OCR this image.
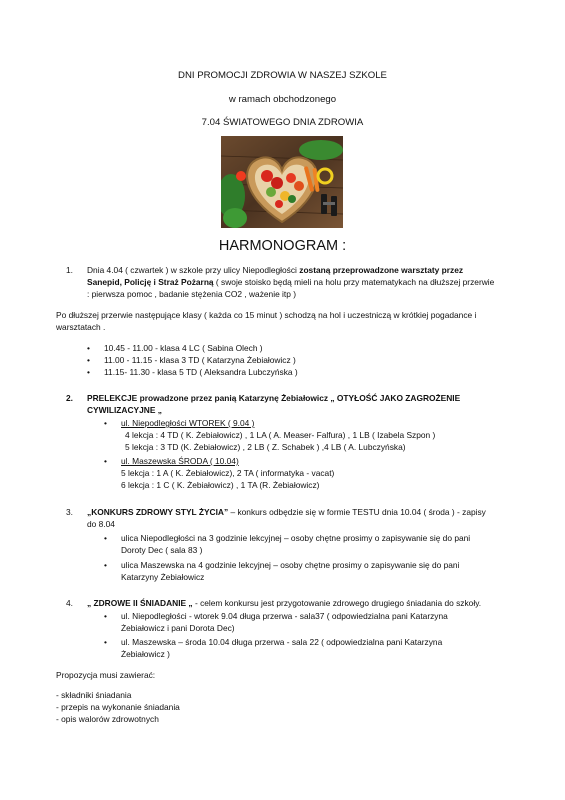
DNI PROMOCJI ZDROWIA W NASZEJ SZKOLE
w ramach obchodzonego
7.04 ŚWIATOWEGO DNIA ZDROWIA
HARMONOGRAM :
1. Dnia 4.04 ( czwartek ) w szkole przy ulicy Niepodległości zostaną przeprowadzone warsztaty przez
Sanepid, Policję i Straż Pożarną ( swoje stoisko będą mieli na holu przy matematykach na dłuższej przerwie
: pierwsza pomoc , badanie stężenia CO2 , ważenie itp )
Po dłuższej przerwie następujące klasy ( każda co 15 minut ) schodzą na hol i uczestniczą w krótkiej pogadance i
warsztatach .
• 10.45 - 11.00 - klasa 4 LC ( Sabina Olech )
• 11.00 - 11.15 - klasa 3 TD ( Katarzyna Żebiałowicz )
• 11.15- 11.30 - klasa 5 TD ( Aleksandra Lubczyńska )
2. PRELEKCJE prowadzone przez panią Katarzynę Żebiałowicz „ OTYŁOŚĆ JAKO ZAGROŻENIE
CYWILIZACYJNE „
• ul. Niepodległości WTOREK ( 9.04 )
4 lekcja : 4 TD ( K. Żebiałowicz) , 1 LA ( A. Measer- Falfura) , 1 LB ( Izabela Szpon )
5 lekcja : 3 TD (K. Żebiałowicz) , 2 LB ( Z. Schabek ) ,4 LB ( A. Lubczyńska)
• ul. Maszewska ŚRODA ( 10.04)
5 lekcja : 1 A ( K. Żebiałowicz), 2 TA ( informatyka - vacat)
6 lekcja : 1 C ( K. Żebiałowicz) , 1 TA (R. Żebiałowicz)
3. „KONKURS ZDROWY STYL ŻYCIA” – konkurs odbędzie się w formie TESTU dnia 10.04 ( środa ) - zapisy
do 8.04
• ulica Niepodległości na 3 godzinie lekcyjnej – osoby chętne prosimy o zapisywanie się do pani
Doroty Dec ( sala 83 )
• ulica Maszewska na 4 godzinie lekcyjnej – osoby chętne prosimy o zapisywanie się do pani
Katarzyny Żebiałowicz
4. „ ZDROWE II ŚNIADANIE „ - celem konkursu jest przygotowanie zdrowego drugiego śniadania do szkoły.
• ul. Niepodległości - wtorek 9.04 długa przerwa - sala37 ( odpowiedzialna pani Katarzyna
Żebiałowicz i pani Dorota Dec)
• ul. Maszewska – środa 10.04 długa przerwa - sala 22 ( odpowiedzialna pani Katarzyna
Żebiałowicz )
Propozycja musi zawierać:
- składniki śniadania
- przepis na wykonanie śniadania
- opis walorów zdrowotnych
